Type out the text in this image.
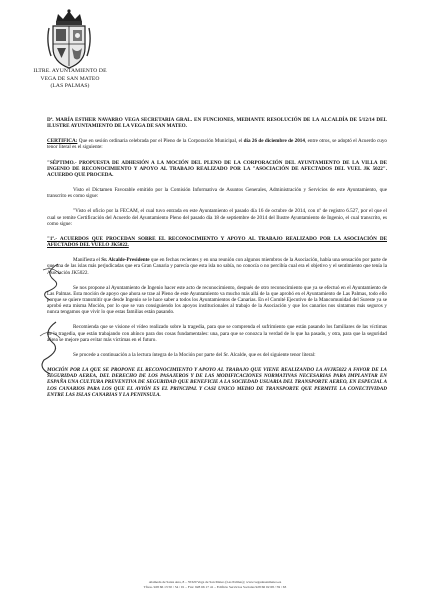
ILTRE. AYUNTAMIENTO DE
VEGA DE SAN MATEO
(LAS PALMAS)

Dª. MARÍA ESTHER NAVARRO VEGA SECRETARIA GRAL. EN FUNCIONES, MEDIANTE RESOLUCIÓN DE LA ALCALDÍA DE 5/12/14 DEL ILUSTRE AYUNTAMIENTO DE LA VEGA DE SAN MATEO.

CERTIFICA: Que en sesión ordinaria celebrada por el Pleno de la Corporación Municipal, el día 26 de diciembre de 2014, entre otros, se adoptó el Acuerdo cuyo tenor literal es el siguiente:

"SÉPTIMO.- PROPUESTA DE ADHESIÓN A LA MOCIÓN DEL PLENO DE LA CORPORACIÓN DEL AYUNTAMIENTO DE LA VILLA DE INGENIO DE RECONOCIMIENTO Y APOYO AL TRABAJO REALIZADO POR LA "ASOCIACIÓN DE AFECTADOS DEL VUEL JK 5022". ACUERDO QUE PROCEDA.

Visto el Dictamen Favorable emitido por la Comisión Informativa de Asuntos Generales, Administración y Servicios de este Ayuntamiento, que transcrito es como sigue:

"Visto el oficio por la FECAM, el cual tuvo entrada en este Ayuntamiento el pasado día 16 de octubre de 2014, con nº de registro 6.527, por el que el cual se remite Certificación del Acuerdo del Ayuntamiento Pleno del pasado día 18 de septiembre de 2014 del Ilustre Ayuntamiento de Ingenio, el cual transcrito, es como sigue:

"1º.- ACUERDOS QUE PROCEDAN SOBRE EL RECONOCIMIENTO Y APOYO AL TRABAJO REALIZADO POR LA ASOCIACIÓN DE AFECTADOS DEL VUELO JK5022.

Manifiesta el Sr. Alcalde-Presidente que en fechas recientes y en una reunión con algunos miembros de la Asociación, había una sensación por parte de que una de las islas más perjudicadas que era Gran Canaria y parecía que esta isla no sabía, no conocía o no percibía cual era el objetivo y el sentimiento que tenía la Asociación JK5022.

Se nos propone al Ayuntamiento de Ingenio hacer este acto de reconocimiento, después de otro reconocimiento que ya se efectuó en el Ayuntamiento de Las Palmas. Esta moción de apoyo que ahora se trae al Pleno de este Ayuntamiento va mucho más allá de la que aprobó en el Ayuntamiento de Las Palmas, todo ello porque se quiere transmitir que desde Ingenio se le hace saber a todos los Ayuntamientos de Canarias. En el Comité Ejecutivo de la Mancomunidad del Sureste ya se aprobó esta misma Moción, por lo que se van consiguiendo los apoyos institucionales al trabajo de la Asociación y que los canarios nos sintamos más seguros y nunca tengamos que vivir lo que estas familias están pasando.

Recomienda que se visione el vídeo realizado sobre la tragedia, para que se comprenda el sufrimiento que están pasando los familiares de las víctimas de la tragedia, que están trabajando con ahínco para dos cosas fundamentales: una, para que se conozca la verdad de lo que ha pasado, y otra, para que la seguridad aérea se mejore para evitar más víctimas en el futuro.

Se procede a continuación a la lectura íntegra de la Moción por parte del Sr. Alcalde, que es del siguiente tenor literal:

MOCIÓN POR LA QUE SE PROPONE EL RECONOCIMIENTO Y APOYO AL TRABAJO QUE VIENE REALIZANDO LA AVJK5022 A FAVOR DE LA SEGURIDAD AEREA, DEL DERECHO DE LOS PASAJEROS Y DE LAS MODIFICACIONES NORMATIVAS NECESARIAS PARA IMPLANTAR EN ESPAÑA UNA CULTURA PREVENTIVA DE SEGURIDAD QUE BENEFICIE A LA SOCIEDAD USUARIA DEL TRANSPORTE AEREO, EN ESPECIAL A LOS CANARIOS PARA LOS QUE EL AVIÓN ES EL PRINCIPAL Y CASI UNICO MEDIO DE TRANSPORTE QUE PERMITE LA CONECTIVIDAD ENTRE LAS ISLAS CANARIAS Y LA PENINSULA.

Alameda de Santa Ana, 8 – 35320 Vega de San Mateo (Las Palmas) | www.vegadesanmateo.es
Tfnos. 928 66 13 50 / 54 / 01 – Fax: 928 66 17 41 – Edificio Servicios Sociales 928 66 02 68 / 59 / 63
